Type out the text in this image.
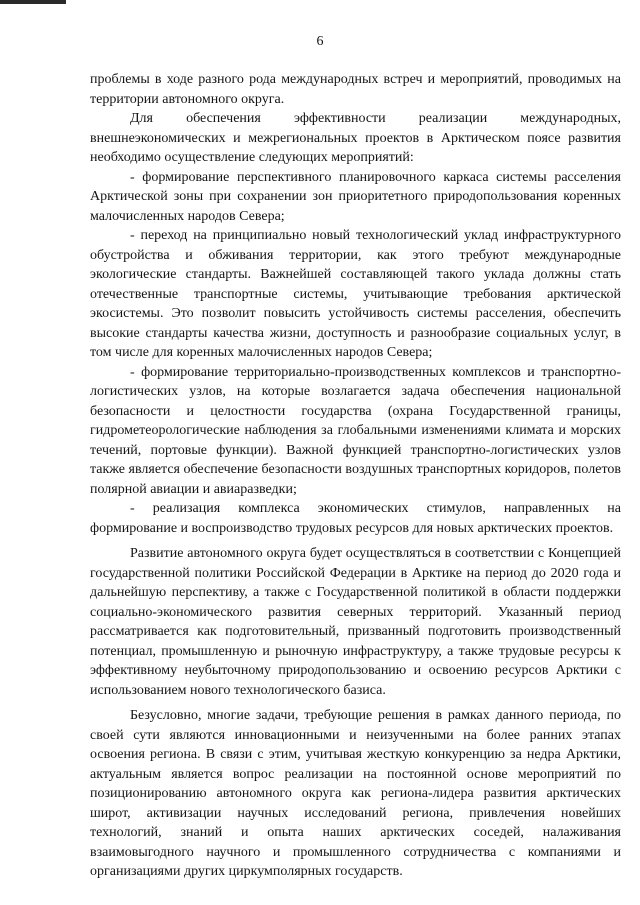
6

проблемы в ходе разного рода международных встреч и мероприятий, проводимых на территории автономного округа.

Для обеспечения эффективности реализации международных, внешнеэкономических и межрегиональных проектов в Арктическом поясе развития необходимо осуществление следующих мероприятий:

- формирование перспективного планировочного каркаса системы расселения Арктической зоны при сохранении зон приоритетного природопользования коренных малочисленных народов Севера;

- переход на принципиально новый технологический уклад инфраструктурного обустройства и обживания территории, как этого требуют международные экологические стандарты. Важнейшей составляющей такого уклада должны стать отечественные транспортные системы, учитывающие требования арктической экосистемы. Это позволит повысить устойчивость системы расселения, обеспечить высокие стандарты качества жизни, доступность и разнообразие социальных услуг, в том числе для коренных малочисленных народов Севера;

- формирование территориально-производственных комплексов и транспортно-логистических узлов, на которые возлагается задача обеспечения национальной безопасности и целостности государства (охрана Государственной границы, гидрометеорологические наблюдения за глобальными изменениями климата и морских течений, портовые функции). Важной функцией транспортно-логистических узлов также является обеспечение безопасности воздушных транспортных коридоров, полетов полярной авиации и авиаразведки;

- реализация комплекса экономических стимулов, направленных на формирование и воспроизводство трудовых ресурсов для новых арктических проектов.

Развитие автономного округа будет осуществляться в соответствии с Концепцией государственной политики Российской Федерации в Арктике на период до 2020 года и дальнейшую перспективу, а также с Государственной политикой в области поддержки социально-экономического развития северных территорий. Указанный период рассматривается как подготовительный, призванный подготовить производственный потенциал, промышленную и рыночную инфраструктуру, а также трудовые ресурсы к эффективному неубыточному природопользованию и освоению ресурсов Арктики с использованием нового технологического базиса.

Безусловно, многие задачи, требующие решения в рамках данного периода, по своей сути являются инновационными и неизученными на более ранних этапах освоения региона. В связи с этим, учитывая жесткую конкуренцию за недра Арктики, актуальным является вопрос реализации на постоянной основе мероприятий по позиционированию автономного округа как региона-лидера развития арктических широт, активизации научных исследований региона, привлечения новейших технологий, знаний и опыта наших арктических соседей, налаживания взаимовыгодного научного и промышленного сотрудничества с компаниями и организациями других циркумполярных государств.
